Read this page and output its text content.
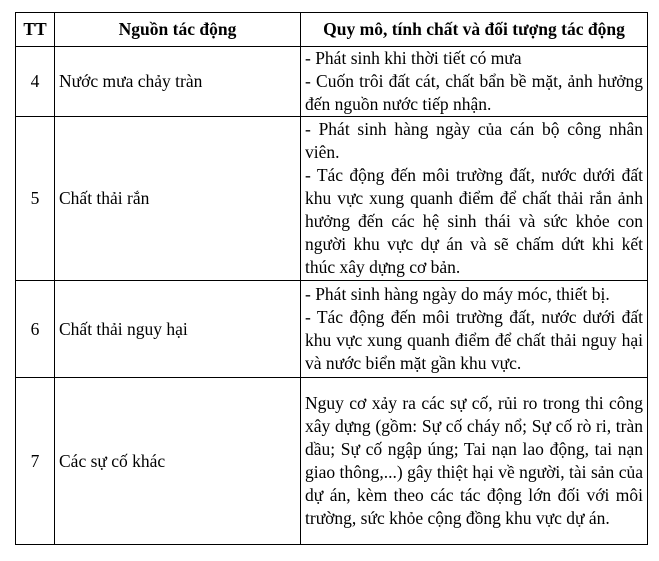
TT	Nguồn tác động	Quy mô, tính chất và đối tượng tác động
4	Nước mưa chảy tràn	- Phát sinh khi thời tiết có mưa

- Cuốn trôi đất cát, chất bẩn bề mặt, ảnh hưởng đến nguồn nước tiếp nhận.

5	Chất thải rắn	- Phát sinh hàng ngày của cán bộ công nhân viên.

- Tác động đến môi trường đất, nước dưới đất khu vực xung quanh điểm để chất thải rắn ảnh hưởng đến các hệ sinh thái và sức khỏe con người khu vực dự án và sẽ chấm dứt khi kết thúc xây dựng cơ bản.

6	Chất thải nguy hại	- Phát sinh hàng ngày do máy móc, thiết bị.

- Tác động đến môi trường đất, nước dưới đất khu vực xung quanh điểm để chất thải nguy hại và nước biển mặt gần khu vực.

7	Các sự cố khác	Nguy cơ xảy ra các sự cố, rủi ro trong thi công xây dựng (gồm: Sự cố cháy nổ; Sự cố rò ri, tràn dầu; Sự cố ngập úng; Tai nạn lao động, tai nạn giao thông,...) gây thiệt hại về người, tài sản của dự án, kèm theo các tác động lớn đối với môi trường, sức khỏe cộng đồng khu vực dự án.
